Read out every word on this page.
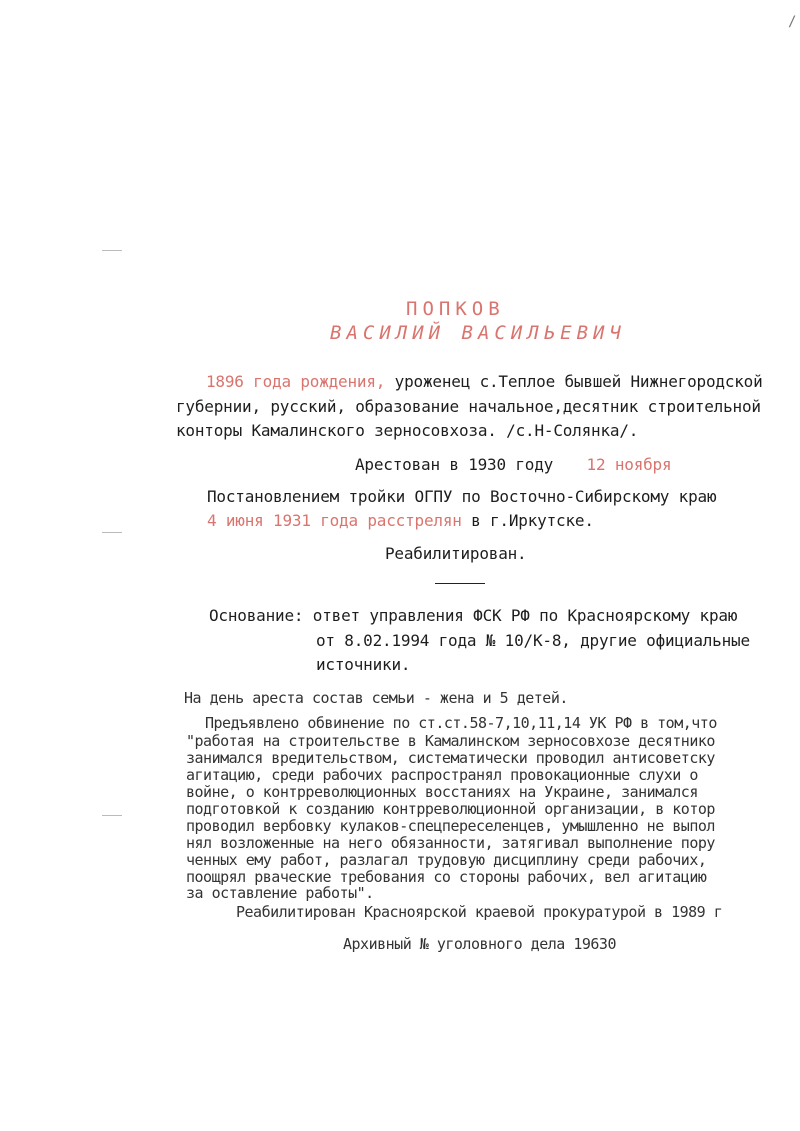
/
ПОПКОВ
ВАСИЛИЙ ВАСИЛЬЕВИЧ
1896 года рождения, уроженец с.Теплое бывшей Нижнегородской
губернии, русский, образование начальное,десятник строительной
конторы Камалинского зерносовхоза. /с.Н-Солянка/.
Арестован в 1930 году 12 ноября
Постановлением тройки ОГПУ по Восточно-Сибирскому краю
4 июня 1931 года расстрелян в г.Иркутске.
Реабилитирован.
Основание: ответ управления ФСК РФ по Красноярскому краю
от 8.02.1994 года № 10/К-8, другие официальные
источники.
На день ареста состав семьи - жена и 5 детей.
Предъявлено обвинение по ст.ст.58-7,10,11,14 УК РФ в том,что
"работая на строительстве в Камалинском зерносовхозе десятнико
занимался вредительством, систематически проводил антисоветску
агитацию, среди рабочих распространял провокационные слухи о
войне, о контрреволюционных восстаниях на Украине, занимался
подготовкой к созданию контрреволюционной организации, в котор
проводил вербовку кулаков-спецпереселенцев, умышленно не выпол
нял возложенные на него обязанности, затягивал выполнение пору
ченных ему работ, разлагал трудовую дисциплину среди рабочих,
поощрял рваческие требования со стороны рабочих, вел агитацию
за оставление работы".
Реабилитирован Красноярской краевой прокуратурой в 1989 г
Архивный № уголовного дела 19630
